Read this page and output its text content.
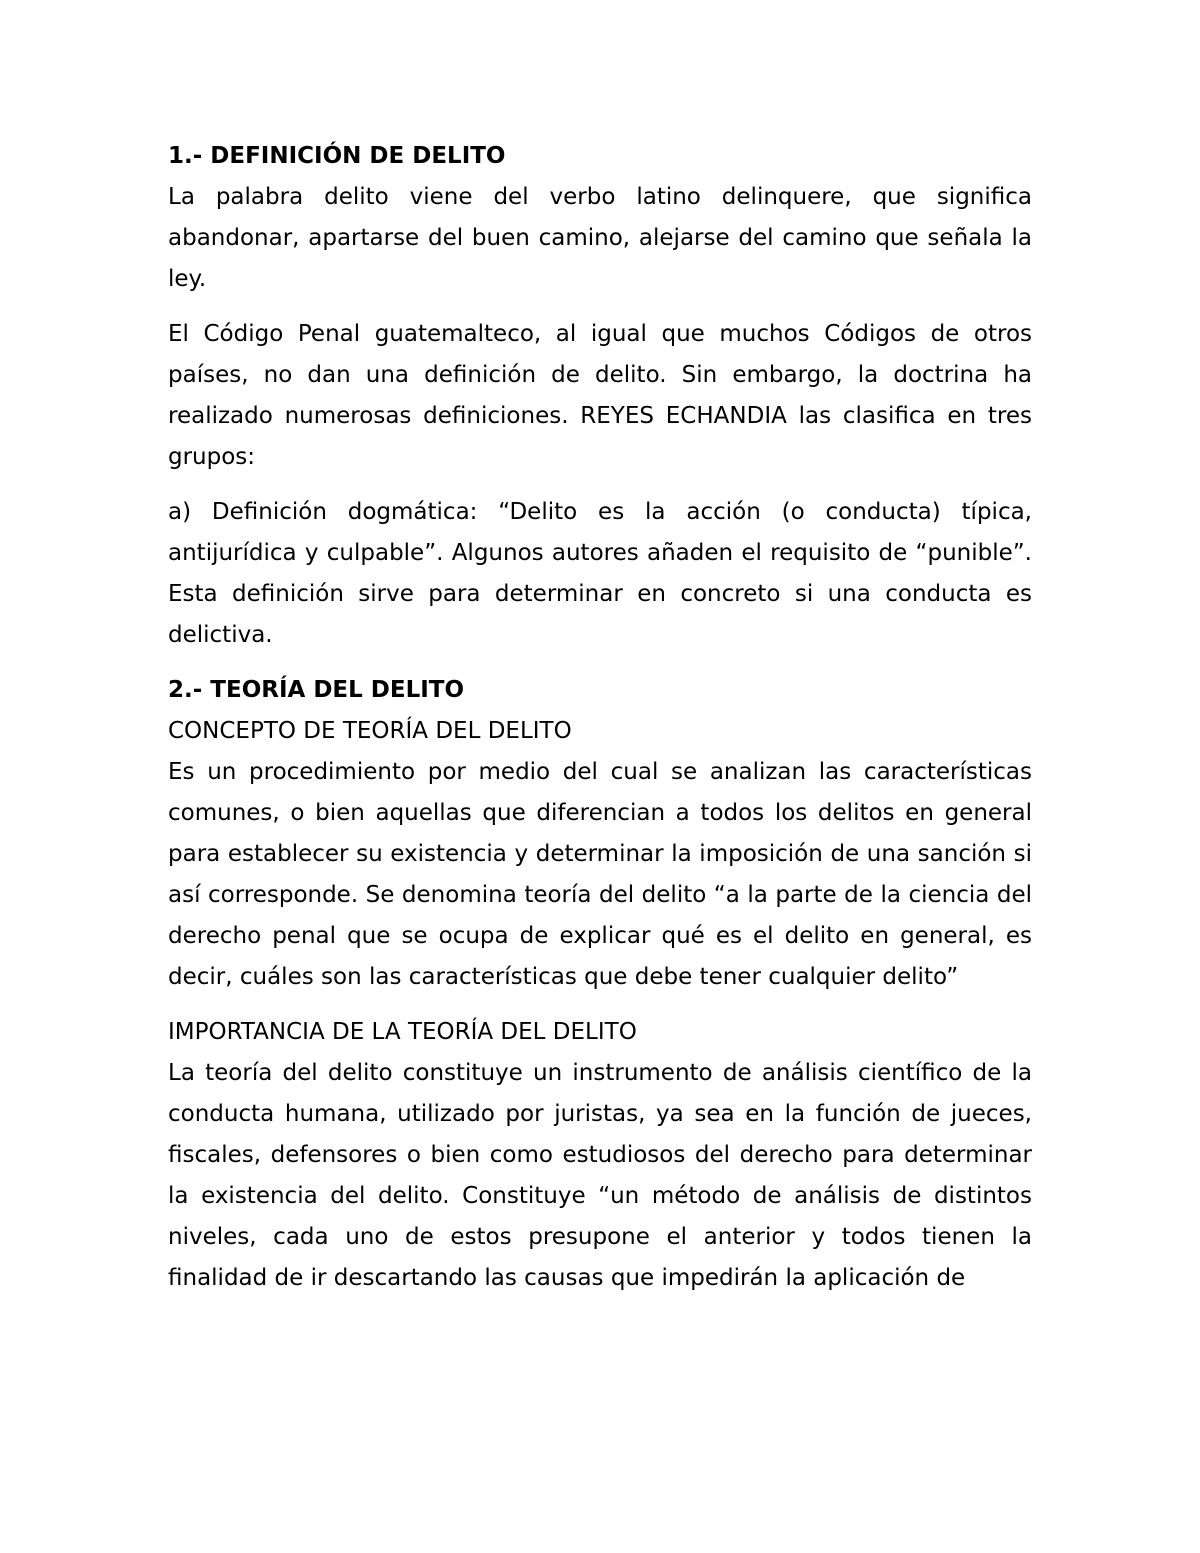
1.- DEFINICIÓN DE DELITO

La palabra delito viene del verbo latino delinquere, que significa abandonar, apartarse del buen camino, alejarse del camino que señala la ley.

El Código Penal guatemalteco, al igual que muchos Códigos de otros países, no dan una definición de delito. Sin embargo, la doctrina ha realizado numerosas definiciones. REYES ECHANDIA las clasifica en tres grupos:

a) Definición dogmática: “Delito es la acción (o conducta) típica, antijurídica y culpable”. Algunos autores añaden el requisito de “punible”. Esta definición sirve para determinar en concreto si una conducta es delictiva.

2.- TEORÍA DEL DELITO

CONCEPTO DE TEORÍA DEL DELITO

Es un procedimiento por medio del cual se analizan las características comunes, o bien aquellas que diferencian a todos los delitos en general para establecer su existencia y determinar la imposición de una sanción si así corresponde. Se denomina teoría del delito “a la parte de la ciencia del derecho penal que se ocupa de explicar qué es el delito en general, es decir, cuáles son las características que debe tener cualquier delito”

IMPORTANCIA DE LA TEORÍA DEL DELITO

La teoría del delito constituye un instrumento de análisis científico de la conducta humana, utilizado por juristas, ya sea en la función de jueces, fiscales, defensores o bien como estudiosos del derecho para determinar la existencia del delito. Constituye “un método de análisis de distintos niveles, cada uno de estos presupone el anterior y todos tienen la finalidad de ir descartando las causas que impedirán la aplicación de
